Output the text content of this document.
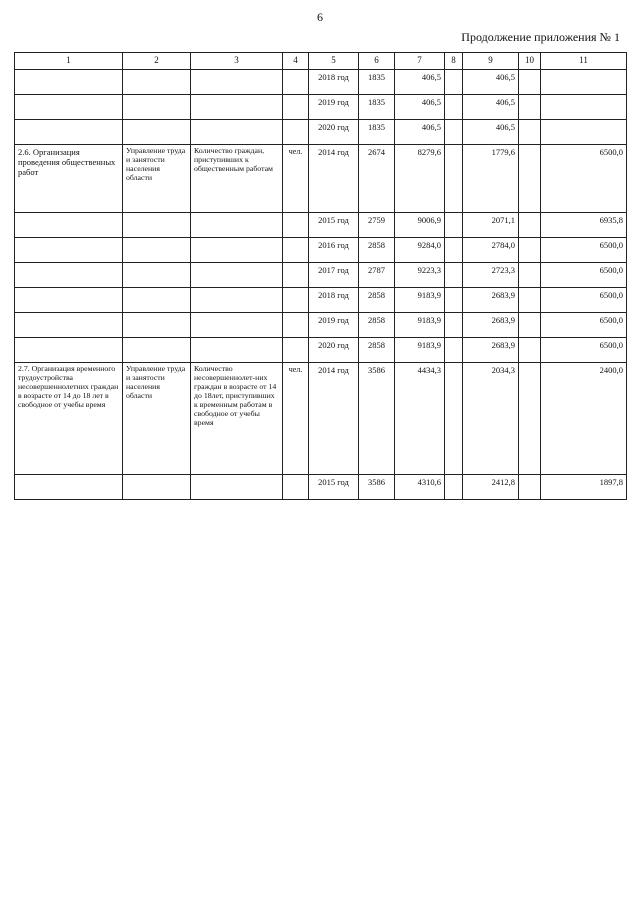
6
Продолжение приложения № 1
1	2	3	4	5	6	7	8	9	10	11
				2018 год	1835	406,5		406,5		
				2019 год	1835	406,5		406,5		
				2020 год	1835	406,5		406,5		
2.6. Организация проведения общественных работ	Управление труда и занятости населения области	Количество граждан, приступивших к общественным работам	чел.	2014 год	2674	8279,6		1779,6		6500,0
				2015 год	2759	9006,9		2071,1		6935,8
				2016 год	2858	9284,0		2784,0		6500,0
				2017 год	2787	9223,3		2723,3		6500,0
				2018 год	2858	9183,9		2683,9		6500,0
				2019 год	2858	9183,9		2683,9		6500,0
				2020 год	2858	9183,9		2683,9		6500,0
2.7. Организация временного трудоустройства несовершеннолетних граждан в возрасте от 14 до 18 лет в свободное от учебы время	Управление труда и занятости населения области	Количество несовершеннолет-них граждан в возрасте от 14 до 18лет, приступивших к временным работам в свободное от учебы время	чел.	2014 год	3586	4434,3		2034,3		2400,0
				2015 год	3586	4310,6		2412,8		1897,8
